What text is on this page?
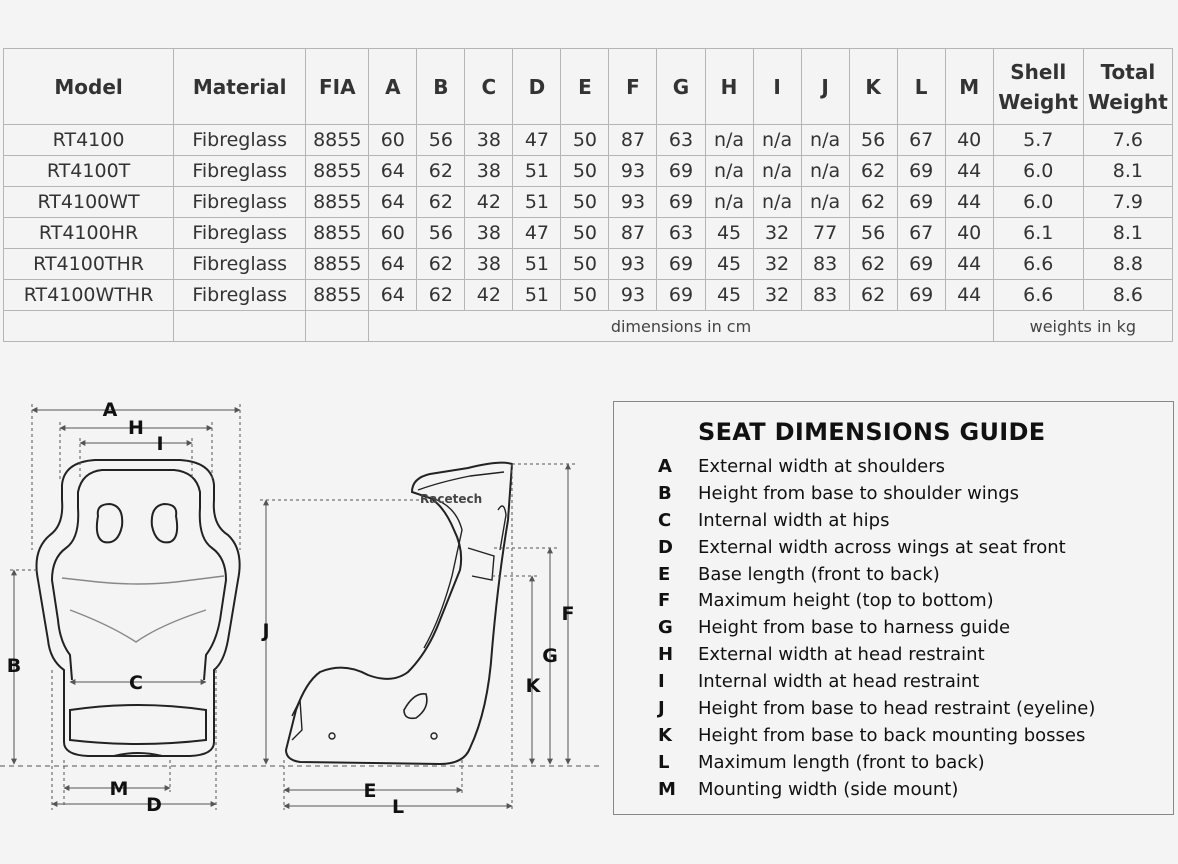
Model	Material	FIA	A	B	C	D	E	F	G	H	I	J	K	L	M	Shell Weight	Total Weight
RT4100	Fibreglass	8855	60	56	38	47	50	87	63	n/a	n/a	n/a	56	67	40	5.7	7.6
RT4100T	Fibreglass	8855	64	62	38	51	50	93	69	n/a	n/a	n/a	62	69	44	6.0	8.1
RT4100WT	Fibreglass	8855	64	62	42	51	50	93	69	n/a	n/a	n/a	62	69	44	6.0	7.9
RT4100HR	Fibreglass	8855	60	56	38	47	50	87	63	45	32	77	56	67	40	6.1	8.1
RT4100THR	Fibreglass	8855	64	62	38	51	50	93	69	45	32	83	62	69	44	6.6	8.8
RT4100WTHR	Fibreglass	8855	64	62	42	51	50	93	69	45	32	83	62	69	44	6.6	8.6
			dimensions in cm													weights in kg	
SEAT DIMENSIONS GUIDE
A External width at shoulders
B Height from base to shoulder wings
C Internal width at hips
D External width across wings at seat front
E Base length (front to back)
F Maximum height (top to bottom)
G Height from base to harness guide
H External width at head restraint
I Internal width at head restraint
J Height from base to head restraint (eyeline)
K Height from base to back mounting bosses
L Maximum length (front to back)
M Mounting width (side mount)
Racetech
A
H
I
B
C
M
D
J
F
G
K
E
L
